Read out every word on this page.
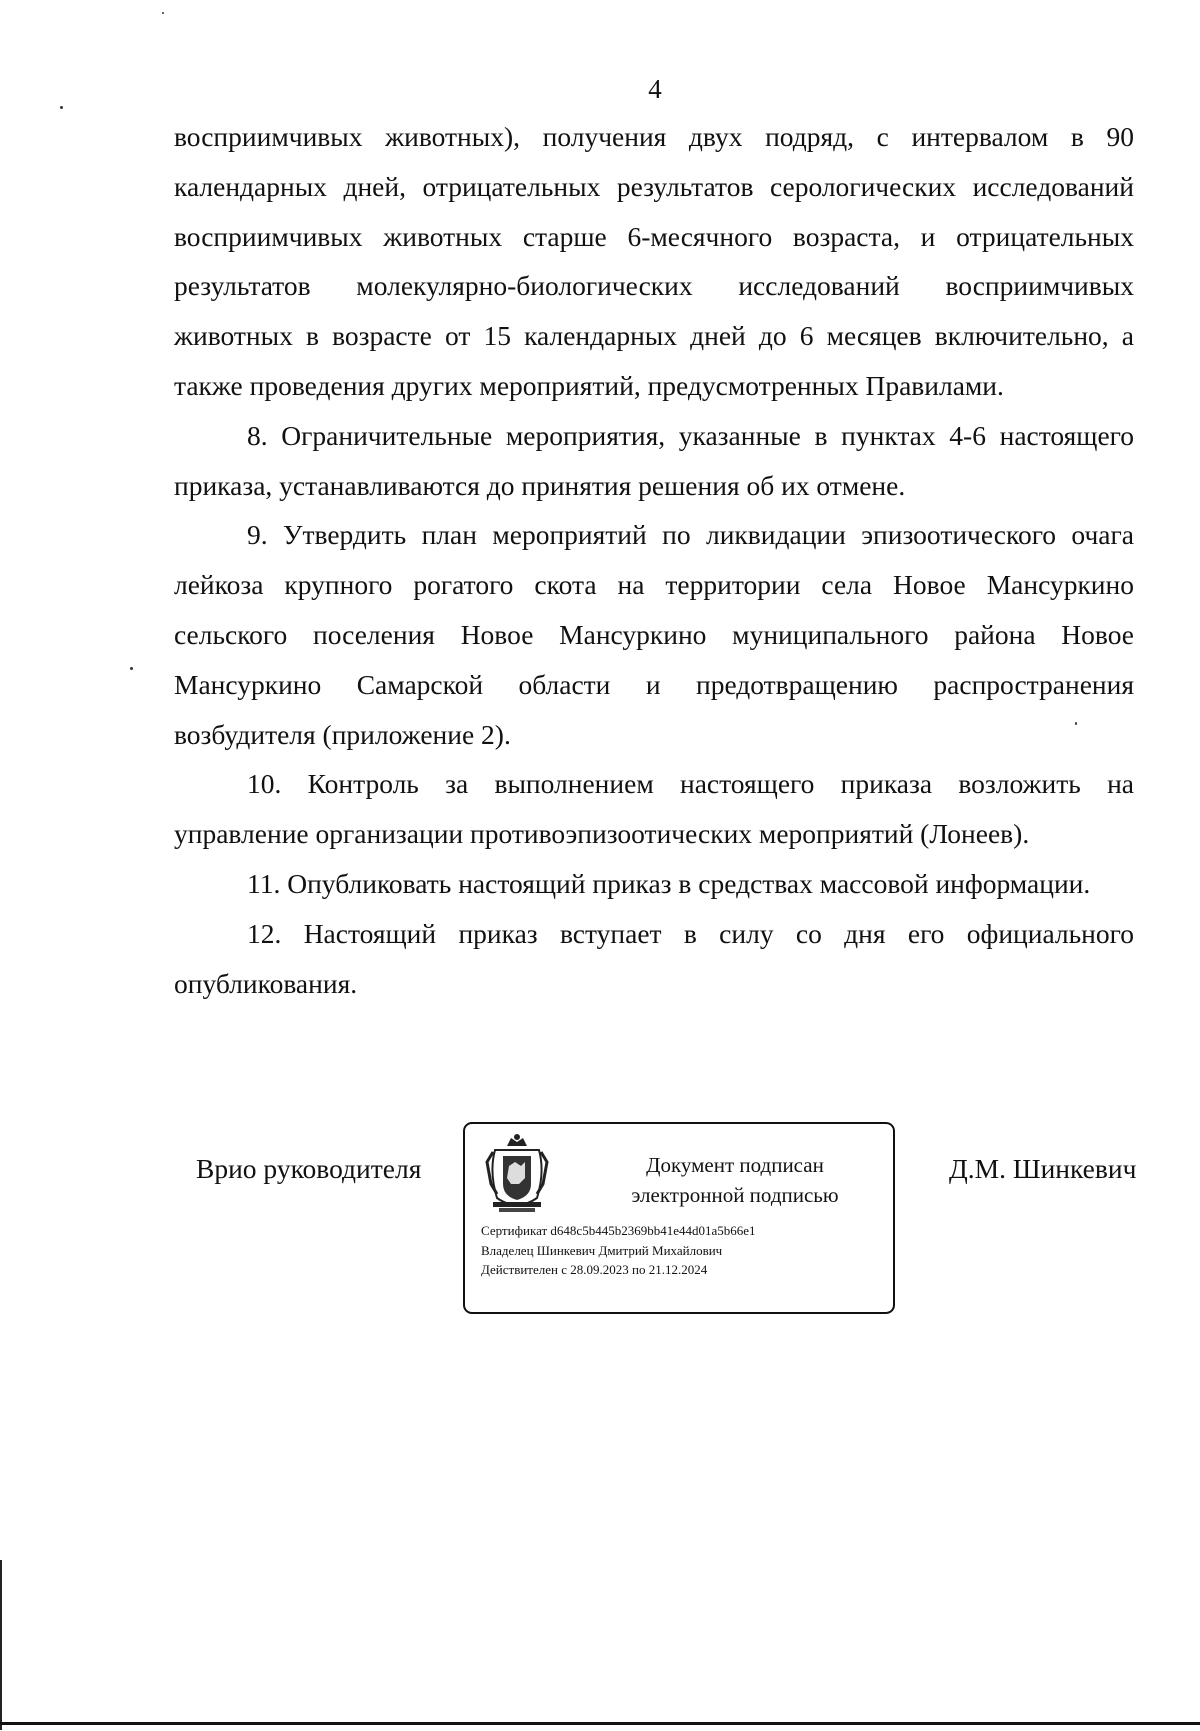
4

восприимчивых животных), получения двух подряд, с интервалом в 90 календарных дней, отрицательных результатов серологических исследований восприимчивых животных старше 6-месячного возраста, и отрицательных результатов молекулярно-биологических исследований восприимчивых животных в возрасте от 15 календарных дней до 6 месяцев включительно, а также проведения других мероприятий, предусмотренных Правилами.

8. Ограничительные мероприятия, указанные в пунктах 4-6 настоящего приказа, устанавливаются до принятия решения об их отмене.

9. Утвердить план мероприятий по ликвидации эпизоотического очага лейкоза крупного рогатого скота на территории села Новое Мансуркино сельского поселения Новое Мансуркино муниципального района Новое Мансуркино Самарской области и предотвращению распространения возбудителя (приложение 2).

10. Контроль за выполнением настоящего приказа возложить на управление организации противоэпизоотических мероприятий (Лонеев).

11. Опубликовать настоящий приказ в средствах массовой информации.

12. Настоящий приказ вступает в силу со дня его официального опубликования.

Врио руководителя	Документ подписан
электронной подписью
Сертификат d648c5b445b2369bb41e44d01a5b66e1
Владелец Шинкевич Дмитрий Михайлович
Действителен с 28.09.2023 по 21.12.2024
Д.М. Шинкевич
